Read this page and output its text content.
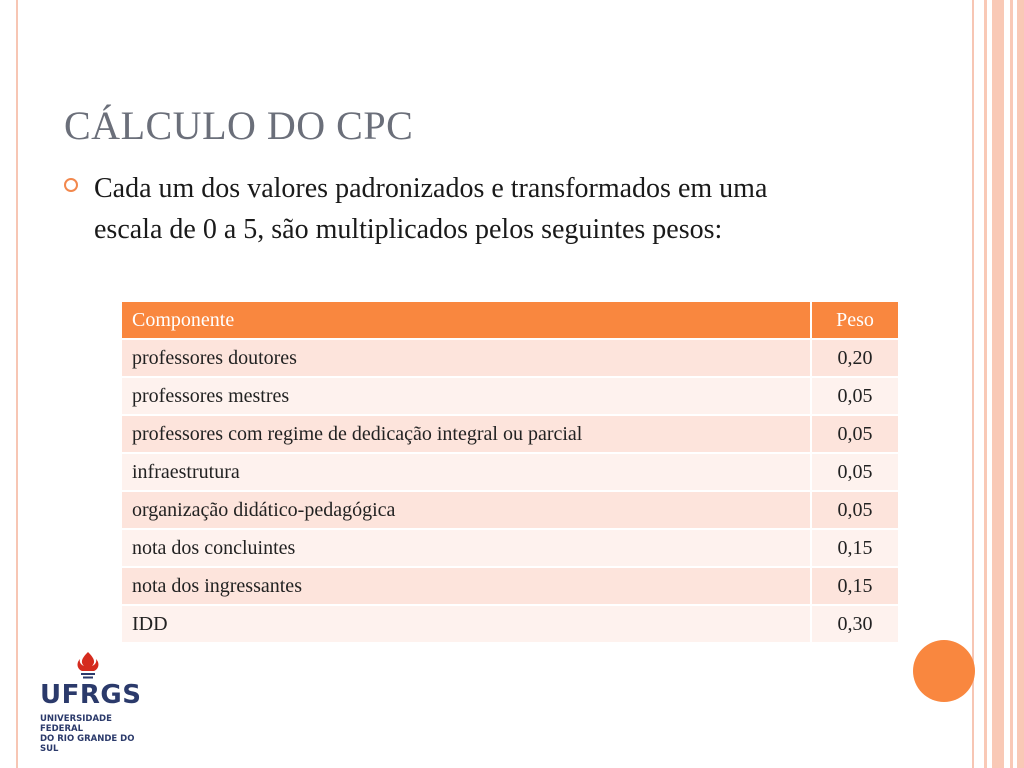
CÁLCULO DO CPC
Cada um dos valores padronizados e transformados em uma escala de 0 a 5, são multiplicados pelos seguintes pesos:
Componente	Peso
professores doutores	0,20
professores mestres	0,05
professores com regime de dedicação integral ou parcial	0,05
infraestrutura	0,05
organização didático-pedagógica	0,05
nota dos concluintes	0,15
nota dos ingressantes	0,15
IDD	0,30
UFRGS
UNIVERSIDADE FEDERAL
DO RIO GRANDE DO SUL
